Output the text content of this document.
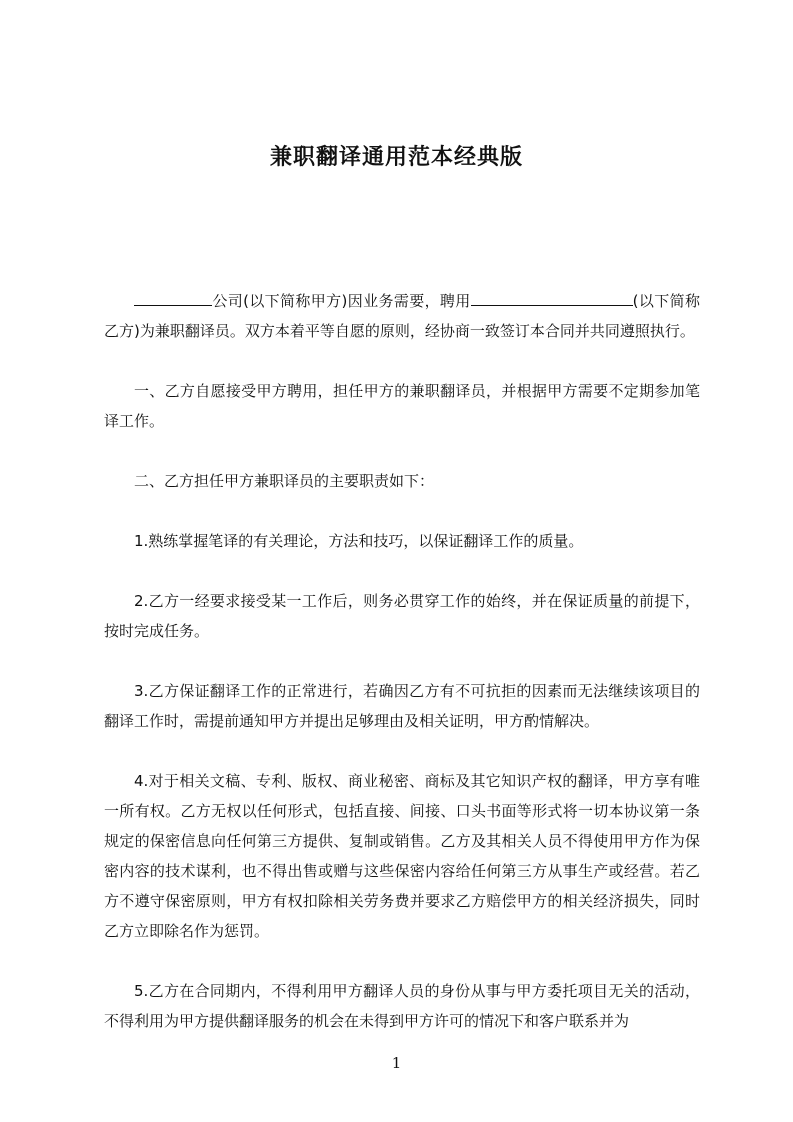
兼职翻译通用范本经典版

公司(以下简称甲方)因业务需要，聘用	(以下简称乙方)为兼职翻译员。双方本着平等自愿的原则，经协商一致签订本合同并共同遵照执行。

一、乙方自愿接受甲方聘用，担任甲方的兼职翻译员，并根据甲方需要不定期参加笔译工作。

二、乙方担任甲方兼职译员的主要职责如下：

1.熟练掌握笔译的有关理论，方法和技巧，以保证翻译工作的质量。

2.乙方一经要求接受某一工作后，则务必贯穿工作的始终，并在保证质量的前提下，按时完成任务。

3.乙方保证翻译工作的正常进行，若确因乙方有不可抗拒的因素而无法继续该项目的翻译工作时，需提前通知甲方并提出足够理由及相关证明，甲方酌情解决。

4.对于相关文稿、专利、版权、商业秘密、商标及其它知识产权的翻译，甲方享有唯一所有权。乙方无权以任何形式，包括直接、间接、口头书面等形式将一切本协议第一条规定的保密信息向任何第三方提供、复制或销售。乙方及其相关人员不得使用甲方作为保密内容的技术谋利，也不得出售或赠与这些保密内容给任何第三方从事生产或经营。若乙方不遵守保密原则，甲方有权扣除相关劳务费并要求乙方赔偿甲方的相关经济损失，同时乙方立即除名作为惩罚。

5.乙方在合同期内，不得利用甲方翻译人员的身份从事与甲方委托项目无关的活动，不得利用为甲方提供翻译服务的机会在未得到甲方许可的情况下和客户联系并为

1
